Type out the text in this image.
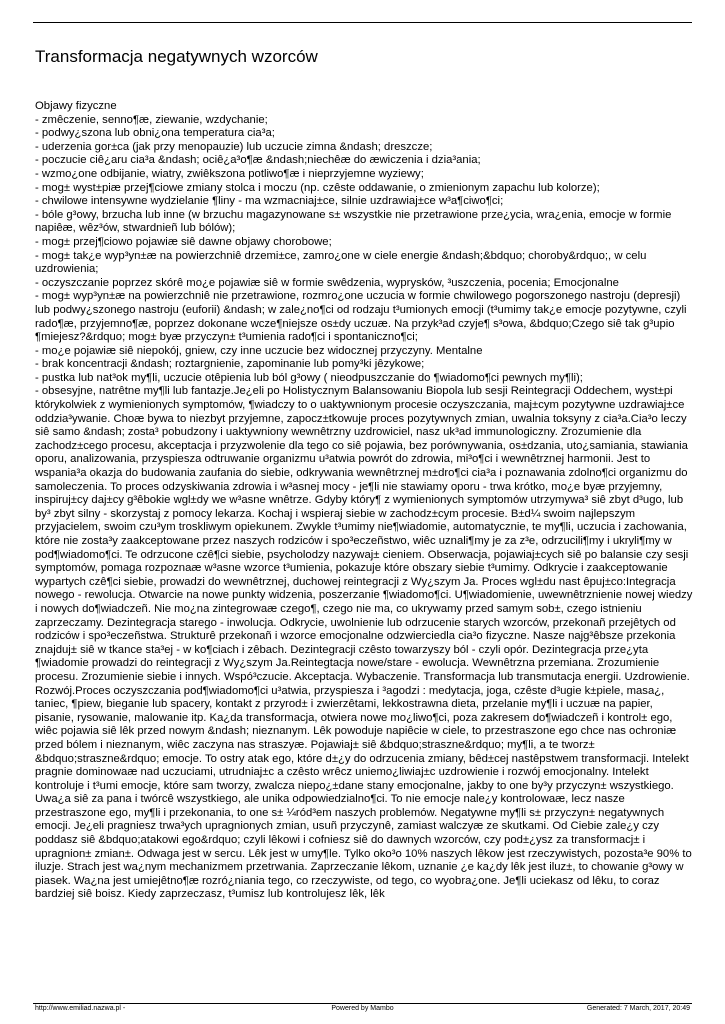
Transformacja negatywnych wzorców

Objawy fizyczne

- zmêczenie, senno¶æ, ziewanie, wzdychanie;

- podwy¿szona lub obni¿ona temperatura cia³a;

- uderzenia gor±ca (jak przy menopauzie) lub uczucie zimna &ndash; dreszcze;

- poczucie ciê¿aru cia³a &ndash; ociê¿a³o¶æ &ndash;niechêæ do æwiczenia i dzia³ania;

- wzmo¿one odbijanie, wiatry, zwiêkszona potliwo¶æ i nieprzyjemne wyziewy;

- mog± wyst±piæ przej¶ciowe zmiany stolca i moczu (np. czêste oddawanie, o zmienionym zapachu lub kolorze);

- chwilowe intensywne wydzielanie ¶liny - ma wzmacniaj±ce, silnie uzdrawiaj±ce w³a¶ciwo¶ci;

- bóle g³owy, brzucha lub inne (w brzuchu magazynowane s± wszystkie nie przetrawione prze¿ycia, wra¿enia, emocje w formie napiêæ, wêz³ów, stwardnieñ lub bólów);

- mog± przej¶ciowo pojawiæ siê dawne objawy chorobowe;

- mog± tak¿e wyp³yn±æ na powierzchniê drzemi±ce, zamro¿one w ciele energie &ndash;&bdquo; choroby&rdquo;, w celu uzdrowienia;

- oczyszczanie poprzez skórê mo¿e pojawiæ siê w formie swêdzenia, wyprysków, ³uszczenia, pocenia; Emocjonalne

- mog± wyp³yn±æ na powierzchniê nie przetrawione, rozmro¿one uczucia w formie chwilowego pogorszonego nastroju (depresji) lub podwy¿szonego nastroju (euforii) &ndash; w zale¿no¶ci od rodzaju t³umionych emocji (t³umimy tak¿e emocje pozytywne, czyli rado¶æ, przyjemno¶æ, poprzez dokonane wcze¶niejsze os±dy uczuæ. Na przyk³ad czyje¶ s³owa, &bdquo;Czego siê tak g³upio ¶miejesz?&rdquo; mog± byæ przyczyn± t³umienia rado¶ci i spontaniczno¶ci;

- mo¿e pojawiæ siê niepokój, gniew, czy inne uczucie bez widocznej przyczyny. Mentalne

- brak koncentracji &ndash; roztargnienie, zapominanie lub pomy³ki jêzykowe;

- pustka lub nat³ok my¶li, uczucie otêpienia lub ból g³owy ( nieodpuszczanie do ¶wiadomo¶ci pewnych my¶li);

- obsesyjne, natrêtne my¶li lub fantazje.Je¿eli po Holistycznym Balansowaniu Biopola lub sesji Reintegracji Oddechem, wyst±pi którykolwiek z wymienionych symptomów, ¶wiadczy to o uaktywnionym procesie oczyszczania, maj±cym pozytywne uzdrawiaj±ce oddzia³ywanie. Choæ bywa to niezbyt przyjemne, zapocz±tkowuje proces pozytywnych zmian, uwalnia toksyny z cia³a.Cia³o leczy siê samo &ndash; zosta³ pobudzony i uaktywniony wewnêtrzny uzdrowiciel, nasz uk³ad immunologiczny. Zrozumienie dla zachodz±cego procesu, akceptacja i przyzwolenie dla tego co siê pojawia, bez porównywania, os±dzania, uto¿samiania, stawiania oporu, analizowania, przyspiesza odtruwanie organizmu u³atwia powrót do zdrowia, mi³o¶ci i wewnêtrznej harmonii. Jest to wspania³a okazja do budowania zaufania do siebie, odkrywania wewnêtrznej m±dro¶ci cia³a i poznawania zdolno¶ci organizmu do samoleczenia. To proces odzyskiwania zdrowia i w³asnej mocy - je¶li nie stawiamy oporu - trwa krótko, mo¿e byæ przyjemny, inspiruj±cy daj±cy g³êbokie wgl±dy we w³asne wnêtrze. Gdyby który¶ z wymienionych symptomów utrzymywa³ siê zbyt d³ugo, lub by³ zbyt silny - skorzystaj z pomocy lekarza. Kochaj i wspieraj siebie w zachodz±cym procesie. B±d¼ swoim najlepszym przyjacielem, swoim czu³ym troskliwym opiekunem. Zwykle t³umimy nie¶wiadomie, automatycznie, te my¶li, uczucia i zachowania, które nie zosta³y zaakceptowane przez naszych rodziców i spo³eczeñstwo, wiêc uznali¶my je za z³e, odrzucili¶my i ukryli¶my w pod¶wiadomo¶ci. Te odrzucone czê¶ci siebie, psycholodzy nazywaj± cieniem. Obserwacja, pojawiaj±cych siê po balansie czy sesji symptomów, pomaga rozpoznaæ w³asne wzorce t³umienia, pokazuje które obszary siebie t³umimy. Odkrycie i zaakceptowanie wypartych czê¶ci siebie, prowadzi do wewnêtrznej, duchowej reintegracji z Wy¿szym Ja. Proces wgl±du nast êpuj±co:Integracja nowego - rewolucja. Otwarcie na nowe punkty widzenia, poszerzanie ¶wiadomo¶ci. U¶wiadomienie, uwewnêtrznienie nowej wiedzy i nowych do¶wiadczeñ. Nie mo¿na zintegrowaæ czego¶, czego nie ma, co ukrywamy przed samym sob±, czego istnieniu zaprzeczamy. Dezintegracja starego - inwolucja. Odkrycie, uwolnienie lub odrzucenie starych wzorców, przekonañ przejêtych od rodziców i spo³eczeñstwa. Strukturê przekonañ i wzorce emocjonalne odzwierciedla cia³o fizyczne. Nasze najg³êbsze przekonia znajduj± siê w tkance sta³ej - w ko¶ciach i zêbach. Dezintegracji czêsto towarzyszy ból - czyli opór. Dezintegracja prze¿yta ¶wiadomie prowadzi do reintegracji z Wy¿szym Ja.Reintegtacja nowe/stare - ewolucja. Wewnêtrzna przemiana. Zrozumienie procesu. Zrozumienie siebie i innych. Wspó³czucie. Akceptacja. Wybaczenie. Transformacja lub transmutacja energii. Uzdrowienie. Rozwój.Proces oczyszczania pod¶wiadomo¶ci u³atwia, przyspiesza i ³agodzi : medytacja, joga, czêste d³ugie k±piele, masa¿, taniec, ¶piew, bieganie lub spacery, kontakt z przyrod± i zwierzêtami, lekkostrawna dieta, przelanie my¶li i uczuæ na papier, pisanie, rysowanie, malowanie itp. Ka¿da transformacja, otwiera nowe mo¿liwo¶ci, poza zakresem do¶wiadczeñ i kontrol± ego, wiêc pojawia siê lêk przed nowym &ndash; nieznanym. Lêk powoduje napiêcie w ciele, to przestraszone ego chce nas ochroniæ przed bólem i nieznanym, wiêc zaczyna nas straszyæ. Pojawiaj± siê &bdquo;strasznе&rdquo; my¶li, a te tworz± &bdquo;straszne&rdquo; emocje. To ostry atak ego, które d±¿y do odrzucenia zmiany, bêd±cej nastêpstwem transformacji. Intelekt pragnie dominowaæ nad uczuciami, utrudniaj±c a czêsto wrêcz uniemo¿liwiaj±c uzdrowienie i rozwój emocjonalny. Intelekt kontroluje i t³umi emocje, które sam tworzy, zwalcza niepo¿±dane stany emocjonalne, jakby to one by³y przyczyn± wszystkiego. Uwa¿a siê za pana i twórcê wszystkiego, ale unika odpowiedzialno¶ci. To nie emocje nale¿y kontrolowaæ, lecz nasze przestraszone ego, my¶li i przekonania, to one s± ¼ród³em naszych problemów. Negatywne my¶li s± przyczyn± negatywnych emocji. Je¿eli pragniesz trwa³ych upragnionych zmian, usuñ przyczynê, zamiast walczyæ ze skutkami. Od Ciebie zale¿y czy poddasz siê &bdquo;atakowi ego&rdquo; czyli lêkowi i cofniesz siê do dawnych wzorców, czy pod±¿ysz za transformacj± i upragnion± zmian±. Odwaga jest w sercu. Lêk jest w umy¶le. Tylko oko³o 10% naszych lêkow jest rzeczywistych, pozosta³e 90% to iluzje. Strach jest wa¿nym mechanizmem przetrwania. Zaprzeczanie lêkom, uznanie ¿e ka¿dy lêk jest iluz±, to chowanie g³owy w piasek. Wa¿na jest umiejêtno¶æ rozró¿niania tego, co rzeczywiste, od tego, co wyobra¿one. Je¶li uciekasz od lêku, to coraz bardziej siê boisz. Kiedy zaprzeczasz, t³umisz lub kontrolujesz lêk, lêk

http://www.emiliad.nazwa.pl -	Powered by Mambo	Generated: 7 March, 2017, 20:49
